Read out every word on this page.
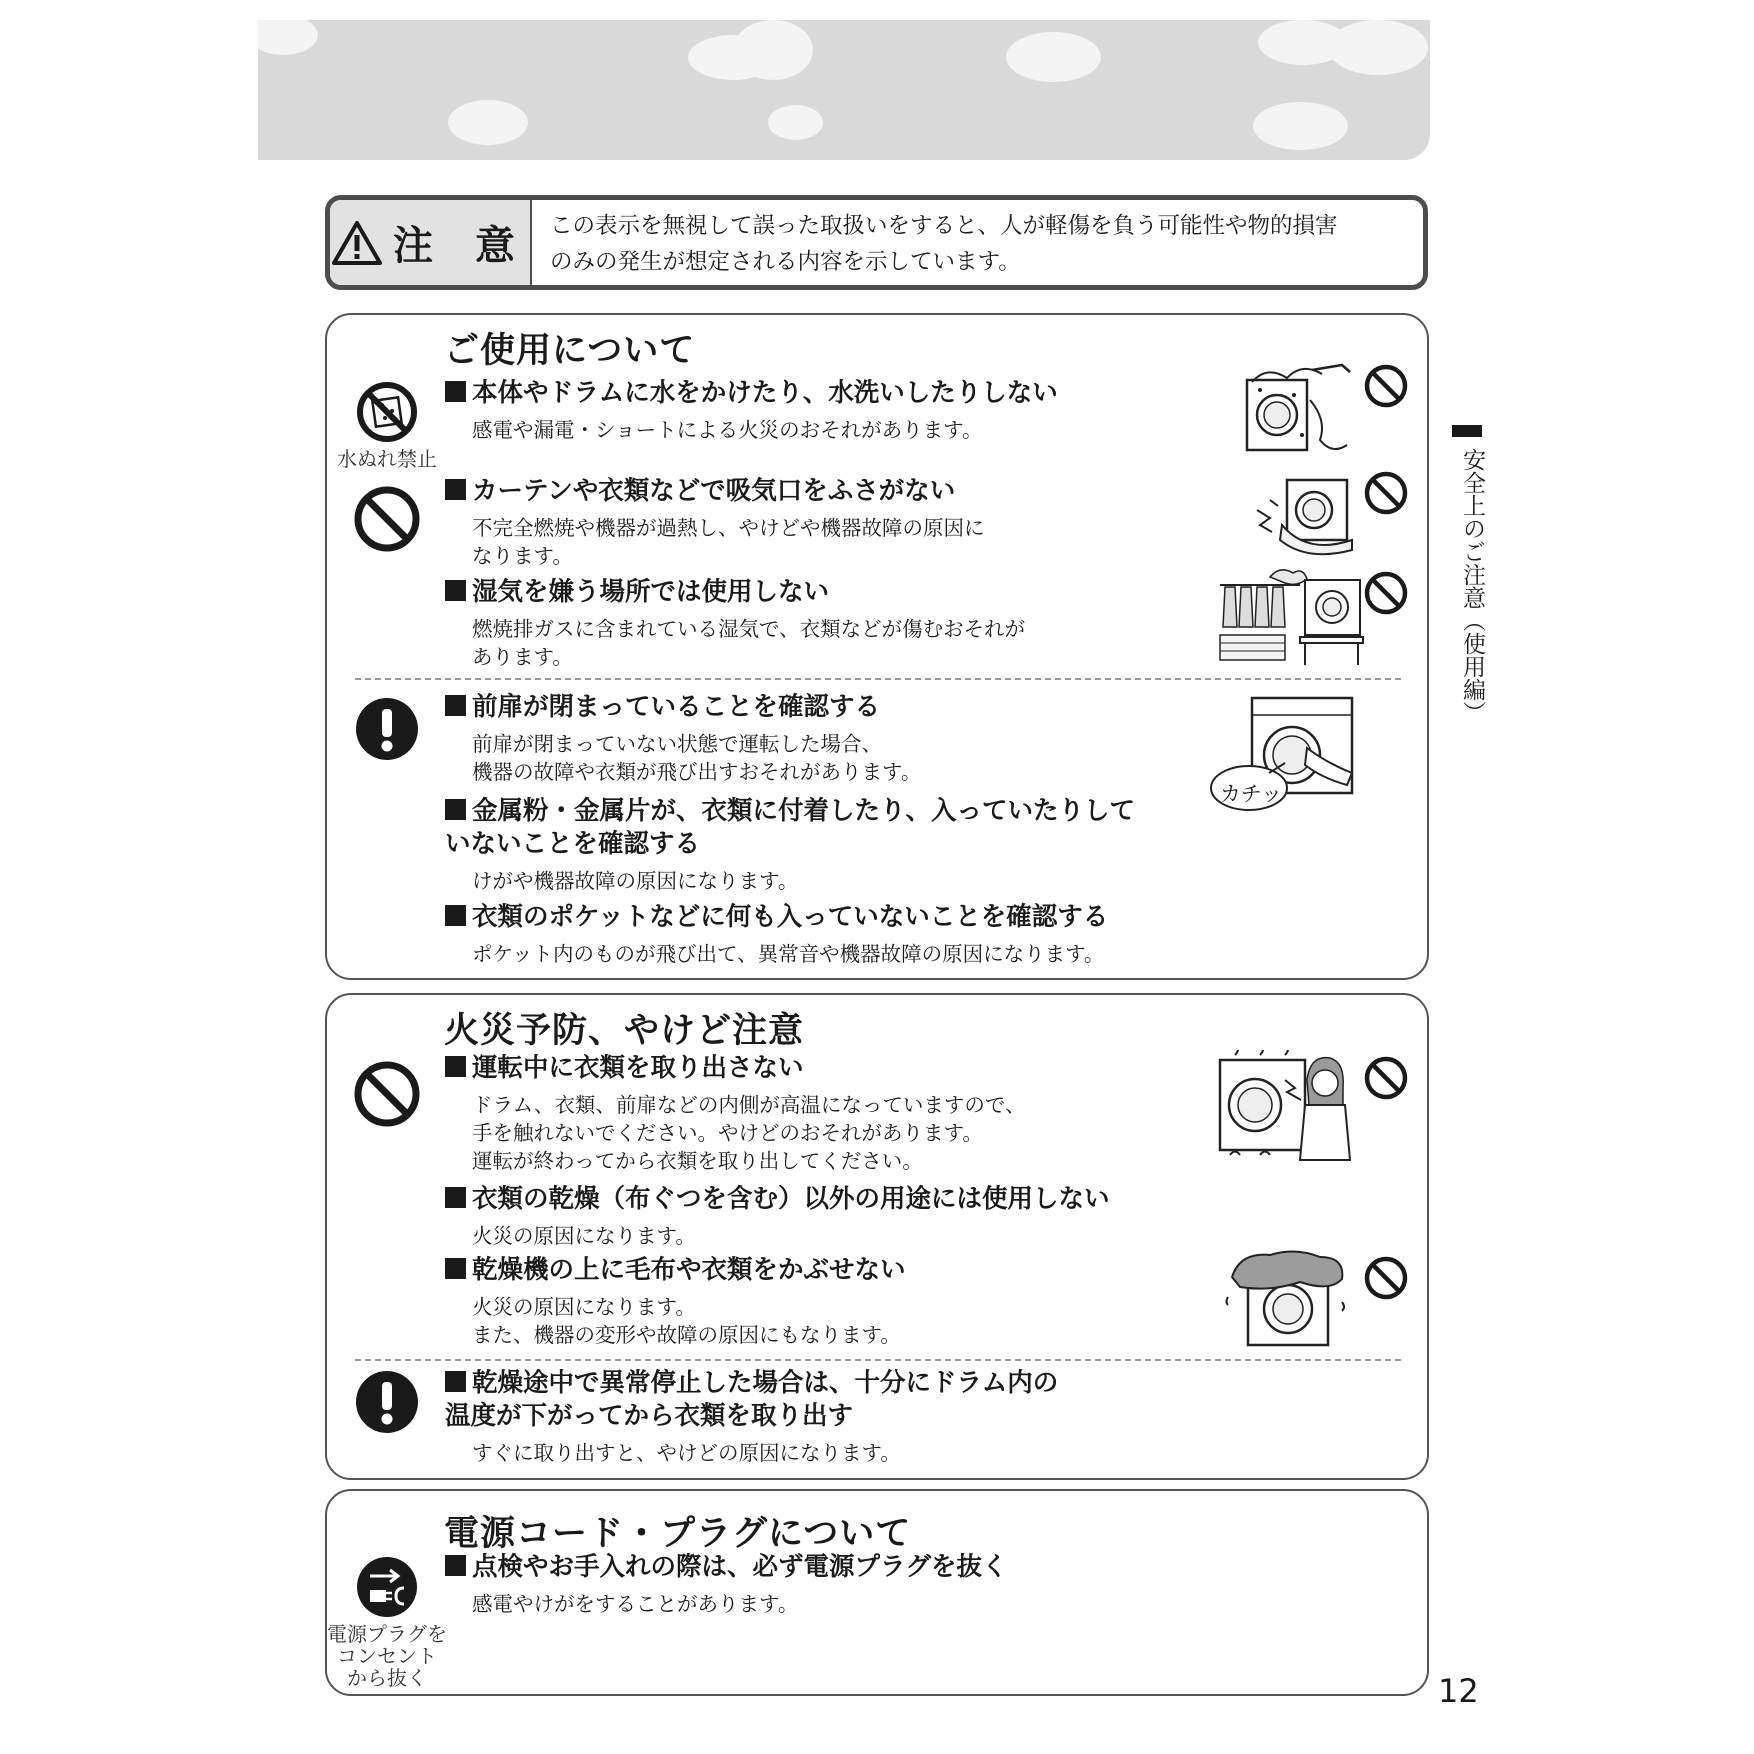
注 意 この表示を無視して誤った取扱いをすると、人が軽傷を負う可能性や物的損害
のみの発生が想定される内容を示しています。
ご使用について
水ぬれ禁止
本体やドラムに水をかけたり、水洗いしたりしない
感電や漏電・ショートによる火災のおそれがあります。
カーテンや衣類などで吸気口をふさがない
不完全燃焼や機器が過熱し、やけどや機器故障の原因に
なります。
湿気を嫌う場所では使用しない
燃焼排ガスに含まれている湿気で、衣類などが傷むおそれが
あります。
前扉が閉まっていることを確認する
前扉が閉まっていない状態で運転した場合、
機器の故障や衣類が飛び出すおそれがあります。
金属粉・金属片が、衣類に付着したり、入っていたりして
いないことを確認する
けがや機器故障の原因になります。
衣類のポケットなどに何も入っていないことを確認する
ポケット内のものが飛び出て、異常音や機器故障の原因になります。
カチッ
火災予防、やけど注意
運転中に衣類を取り出さない
ドラム、衣類、前扉などの内側が高温になっていますので、
手を触れないでください。やけどのおそれがあります。
運転が終わってから衣類を取り出してください。
衣類の乾燥（布ぐつを含む）以外の用途には使用しない
火災の原因になります。
乾燥機の上に毛布や衣類をかぶせない
火災の原因になります。
また、機器の変形や故障の原因にもなります。
乾燥途中で異常停止した場合は、十分にドラム内の
温度が下がってから衣類を取り出す
すぐに取り出すと、やけどの原因になります。
電源コード・プラグについて
電源プラグを
コンセント
から抜く
点検やお手入れの際は、必ず電源プラグを抜く
感電やけがをすることがあります。
安全上のご注意（使用編）
12
